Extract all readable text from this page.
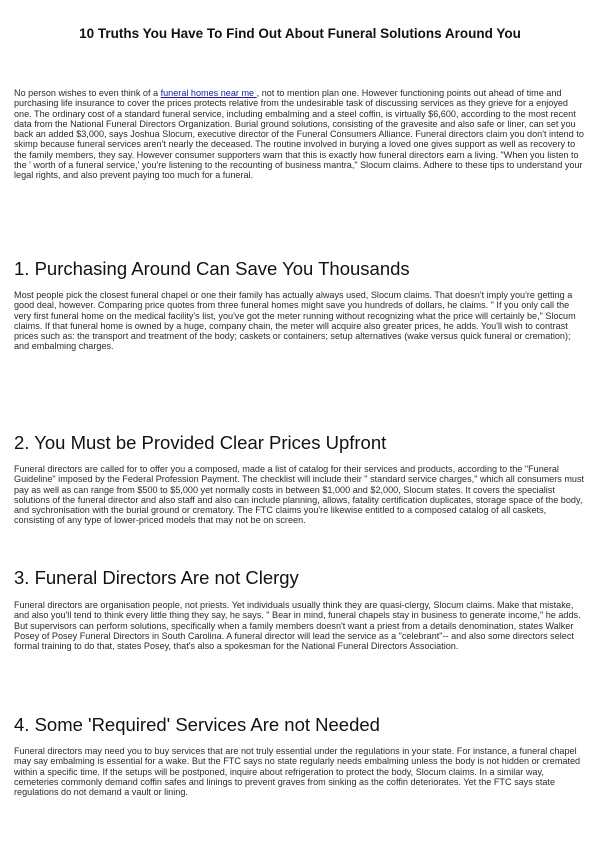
10 Truths You Have To Find Out About Funeral Solutions Around You

No person wishes to even think of a funeral homes near me , not to mention plan one. However functioning points out ahead of time and purchasing life insurance to cover the prices protects relative from the undesirable task of discussing services as they grieve for a enjoyed one. The ordinary cost of a standard funeral service, including embalming and a steel coffin, is virtually $6,600, according to the most recent data from the National Funeral Directors Organization. Burial ground solutions, consisting of the gravesite and also safe or liner, can set you back an added $3,000, says Joshua Slocum, executive director of the Funeral Consumers Alliance. Funeral directors claim you don't intend to skimp because funeral services aren't nearly the deceased. The routine involved in burying a loved one gives support as well as recovery to the family members, they say. However consumer supporters warn that this is exactly how funeral directors earn a living. "When you listen to the ' worth of a funeral service,' you're listening to the recounting of business mantra," Slocum claims. Adhere to these tips to understand your legal rights, and also prevent paying too much for a funeral.

1. Purchasing Around Can Save You Thousands

Most people pick the closest funeral chapel or one their family has actually always used, Slocum claims. That doesn't imply you're getting a good deal, however. Comparing price quotes from three funeral homes might save you hundreds of dollars, he claims. " If you only call the very first funeral home on the medical facility's list, you've got the meter running without recognizing what the price will certainly be," Slocum claims. If that funeral home is owned by a huge, company chain, the meter will acquire also greater prices, he adds. You'll wish to contrast prices such as: the transport and treatment of the body; caskets or containers; setup alternatives (wake versus quick funeral or cremation); and embalming charges.

2. You Must be Provided Clear Prices Upfront

Funeral directors are called for to offer you a composed, made a list of catalog for their services and products, according to the "Funeral Guideline" imposed by the Federal Profession Payment. The checklist will include their " standard service charges," which all consumers must pay as well as can range from $500 to $5,000 yet normally costs in between $1,000 and $2,000, Slocum states. It covers the specialist solutions of the funeral director and also staff and also can include planning, allows, fatality certification duplicates, storage space of the body, and sychronisation with the burial ground or crematory. The FTC claims you're likewise entitled to a composed catalog of all caskets, consisting of any type of lower-priced models that may not be on screen.

3. Funeral Directors Are not Clergy

Funeral directors are organisation people, not priests. Yet individuals usually think they are quasi-clergy, Slocum claims. Make that mistake, and also you'll tend to think every little thing they say, he says. " Bear in mind, funeral chapels stay in business to generate income," he adds. But supervisors can perform solutions, specifically when a family members doesn't want a priest from a details denomination, states Walker Posey of Posey Funeral Directors in South Carolina. A funeral director will lead the service as a "celebrant"-- and also some directors select formal training to do that, states Posey, that's also a spokesman for the National Funeral Directors Association.

4. Some 'Required' Services Are not Needed

Funeral directors may need you to buy services that are not truly essential under the regulations in your state. For instance, a funeral chapel may say embalming is essential for a wake. But the FTC says no state regularly needs embalming unless the body is not hidden or cremated within a specific time. If the setups will be postponed, inquire about refrigeration to protect the body, Slocum claims. In a similar way, cemeteries commonly demand coffin safes and linings to prevent graves from sinking as the coffin deteriorates. Yet the FTC says state regulations do not demand a vault or lining.
